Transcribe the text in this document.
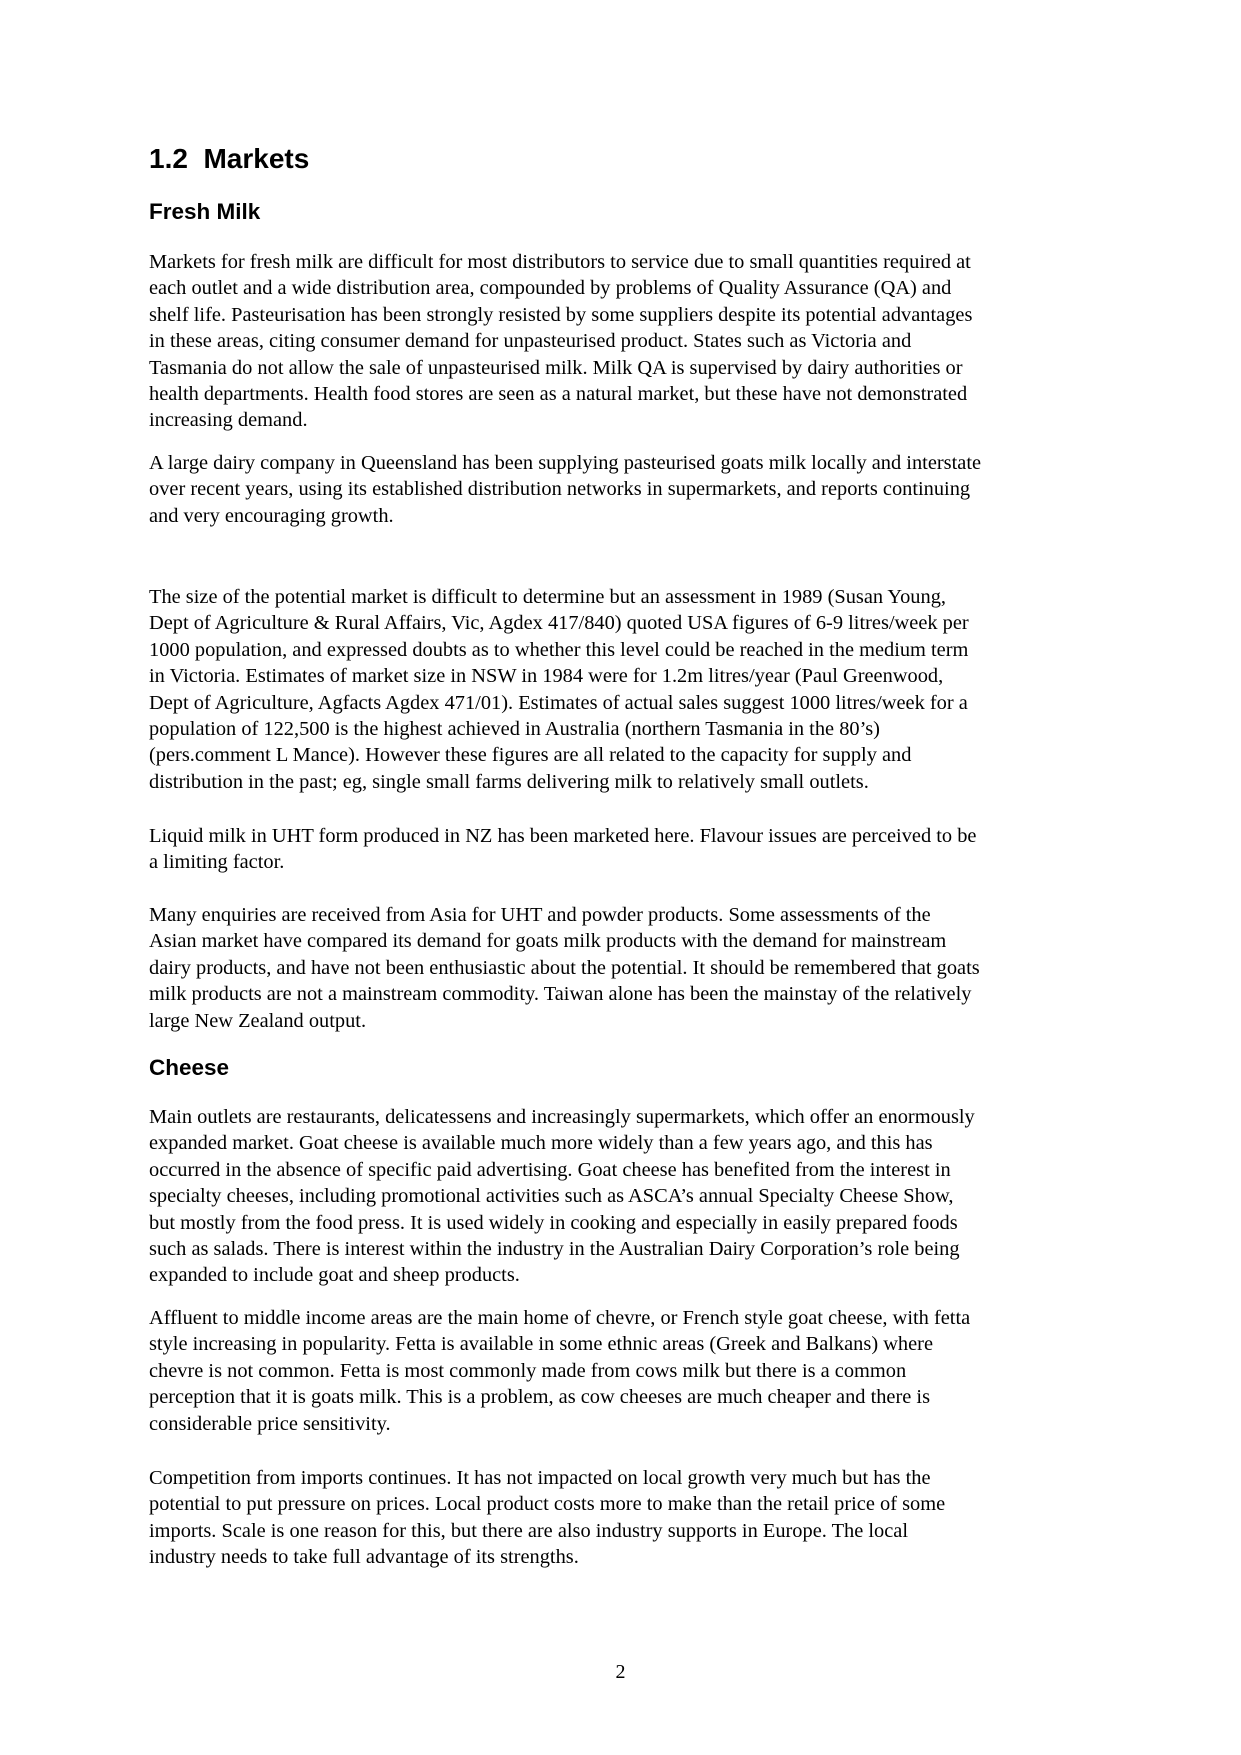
1.2  Markets
Fresh Milk
Markets for fresh milk are difficult for most distributors to service due to small quantities required at
each outlet and a wide distribution area, compounded by problems of Quality Assurance (QA) and
shelf life. Pasteurisation has been strongly resisted by some suppliers despite its potential advantages
in these areas, citing consumer demand for unpasteurised product. States such as Victoria and
Tasmania do not allow the sale of unpasteurised milk. Milk QA is supervised by dairy authorities or
health departments. Health food stores are seen as a natural market, but these have not demonstrated
increasing demand.
A large dairy company in Queensland has been supplying pasteurised goats milk locally and interstate
over recent years, using its established distribution networks in supermarkets, and reports continuing
and very encouraging growth.
The size of the potential market is difficult to determine but an assessment in 1989 (Susan Young,
Dept of Agriculture & Rural Affairs, Vic, Agdex 417/840) quoted USA figures of 6-9 litres/week per
1000 population, and expressed doubts as to whether this level could be reached in the medium term
in Victoria. Estimates of market size in NSW in 1984 were for 1.2m litres/year (Paul Greenwood,
Dept of Agriculture, Agfacts Agdex 471/01). Estimates of actual sales suggest 1000 litres/week for a
population of 122,500 is the highest achieved in Australia (northern Tasmania in the 80’s)
(pers.comment L Mance). However these figures are all related to the capacity for supply and
distribution in the past; eg, single small farms delivering milk to relatively small outlets.
Liquid milk in UHT form produced in NZ has been marketed here. Flavour issues are perceived to be
a limiting factor.
Many enquiries are received from Asia for UHT and powder products. Some assessments of the
Asian market have compared its demand for goats milk products with the demand for mainstream
dairy products, and have not been enthusiastic about the potential. It should be remembered that goats
milk products are not a mainstream commodity. Taiwan alone has been the mainstay of the relatively
large New Zealand output.
Cheese
Main outlets are restaurants, delicatessens and increasingly supermarkets, which offer an enormously
expanded market. Goat cheese is available much more widely than a few years ago, and this has
occurred in the absence of specific paid advertising. Goat cheese has benefited from the interest in
specialty cheeses, including promotional activities such as ASCA’s annual Specialty Cheese Show,
but mostly from the food press. It is used widely in cooking and especially in easily prepared foods
such as salads. There is interest within the industry in the Australian Dairy Corporation’s role being
expanded to include goat and sheep products.
Affluent to middle income areas are the main home of chevre, or French style goat cheese, with fetta
style increasing in popularity. Fetta is available in some ethnic areas (Greek and Balkans) where
chevre is not common. Fetta is most commonly made from cows milk but there is a common
perception that it is goats milk. This is a problem, as cow cheeses are much cheaper and there is
considerable price sensitivity.
Competition from imports continues. It has not impacted on local growth very much but has the
potential to put pressure on prices. Local product costs more to make than the retail price of some
imports. Scale is one reason for this, but there are also industry supports in Europe. The local
industry needs to take full advantage of its strengths.
2
